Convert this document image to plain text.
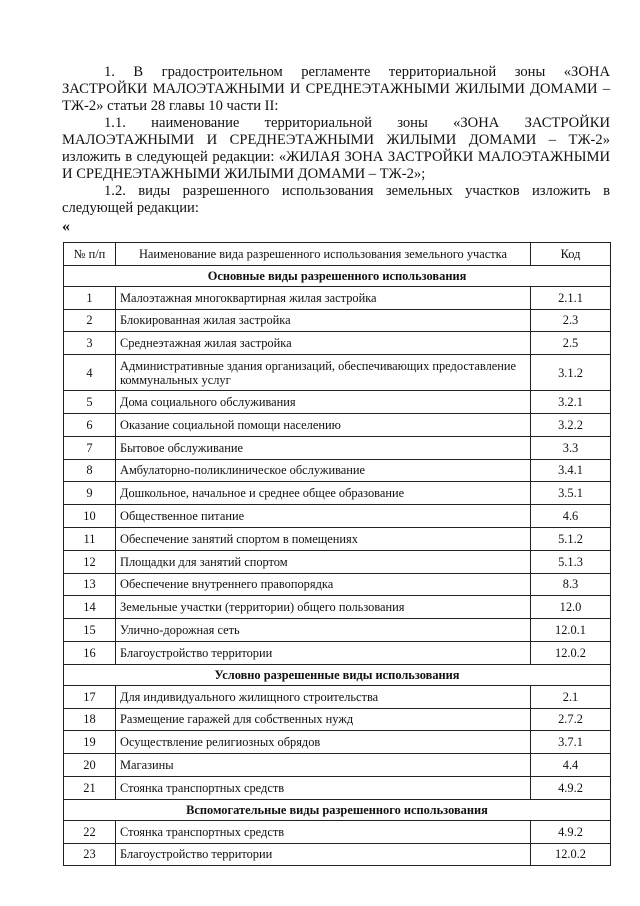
1. В градостроительном регламенте территориальной зоны «ЗОНА ЗАСТРОЙКИ МАЛОЭТАЖНЫМИ И СРЕДНЕЭТАЖНЫМИ ЖИЛЫМИ ДОМАМИ – ТЖ-2» статьи 28 главы 10 части II:

1.1. наименование территориальной зоны «ЗОНА ЗАСТРОЙКИ МАЛОЭТАЖНЫМИ И СРЕДНЕЭТАЖНЫМИ ЖИЛЫМИ ДОМАМИ – ТЖ-2» изложить в следующей редакции: «ЖИЛАЯ ЗОНА ЗАСТРОЙКИ МАЛОЭТАЖНЫМИ И СРЕДНЕЭТАЖНЫМИ ЖИЛЫМИ ДОМАМИ – ТЖ-2»;

1.2. виды разрешенного использования земельных участков изложить в следующей редакции:

«
№ п/п	Наименование вида разрешенного использования земельного участка	Код
Основные виды разрешенного использования		
1	Малоэтажная многоквартирная жилая застройка	2.1.1
2	Блокированная жилая застройка	2.3
3	Среднеэтажная жилая застройка	2.5
4	Административные здания организаций, обеспечивающих предоставление коммунальных услуг	3.1.2
5	Дома социального обслуживания	3.2.1
6	Оказание социальной помощи населению	3.2.2
7	Бытовое обслуживание	3.3
8	Амбулаторно-поликлиническое обслуживание	3.4.1
9	Дошкольное, начальное и среднее общее образование	3.5.1
10	Общественное питание	4.6
11	Обеспечение занятий спортом в помещениях	5.1.2
12	Площадки для занятий спортом	5.1.3
13	Обеспечение внутреннего правопорядка	8.3
14	Земельные участки (территории) общего пользования	12.0
15	Улично-дорожная сеть	12.0.1
16	Благоустройство территории	12.0.2
Условно разрешенные виды использования		
17	Для индивидуального жилищного строительства	2.1
18	Размещение гаражей для собственных нужд	2.7.2
19	Осуществление религиозных обрядов	3.7.1
20	Магазины	4.4
21	Стоянка транспортных средств	4.9.2
Вспомогательные виды разрешенного использования		
22	Стоянка транспортных средств	4.9.2
23	Благоустройство территории	12.0.2
